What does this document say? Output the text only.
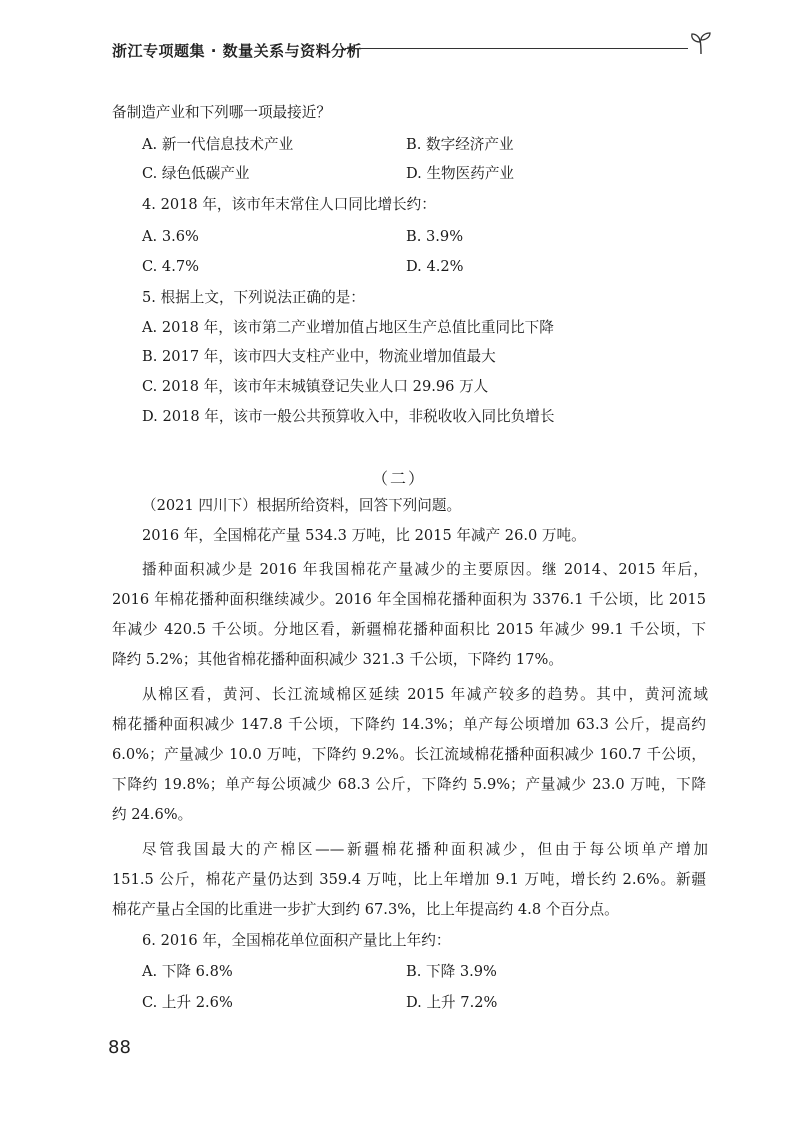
浙江专项题集 · 数量关系与资料分析
备制造产业和下列哪一项最接近？
A. 新一代信息技术产业	B. 数字经济产业
C. 绿色低碳产业	D. 生物医药产业
4. 2018 年，该市年末常住人口同比增长约：
A. 3.6%	B. 3.9%
C. 4.7%	D. 4.2%
5. 根据上文，下列说法正确的是：
A. 2018 年，该市第二产业增加值占地区生产总值比重同比下降
B. 2017 年，该市四大支柱产业中，物流业增加值最大
C. 2018 年，该市年末城镇登记失业人口 29.96 万人
D. 2018 年，该市一般公共预算收入中，非税收收入同比负增长
（二）
（2021 四川下）根据所给资料，回答下列问题。
2016 年，全国棉花产量 534.3 万吨，比 2015 年减产 26.0 万吨。
播种面积减少是 2016 年我国棉花产量减少的主要原因。继 2014、2015 年后，
2016 年棉花播种面积继续减少。2016 年全国棉花播种面积为 3376.1 千公顷，比 2015
年减少 420.5 千公顷。分地区看，新疆棉花播种面积比 2015 年减少 99.1 千公顷，下
降约 5.2%；其他省棉花播种面积减少 321.3 千公顷，下降约 17%。
从棉区看，黄河、长江流域棉区延续 2015 年减产较多的趋势。其中，黄河流域
棉花播种面积减少 147.8 千公顷，下降约 14.3%；单产每公顷增加 63.3 公斤，提高约
6.0%；产量减少 10.0 万吨，下降约 9.2%。长江流域棉花播种面积减少 160.7 千公顷，
下降约 19.8%；单产每公顷减少 68.3 公斤，下降约 5.9%；产量减少 23.0 万吨，下降
约 24.6%。
尽管我国最大的产棉区——新疆棉花播种面积减少，但由于每公顷单产增加
151.5 公斤，棉花产量仍达到 359.4 万吨，比上年增加 9.1 万吨，增长约 2.6%。新疆
棉花产量占全国的比重进一步扩大到约 67.3%，比上年提高约 4.8 个百分点。
6. 2016 年，全国棉花单位面积产量比上年约：
A. 下降 6.8%	B. 下降 3.9%
C. 上升 2.6%	D. 上升 7.2%
88
